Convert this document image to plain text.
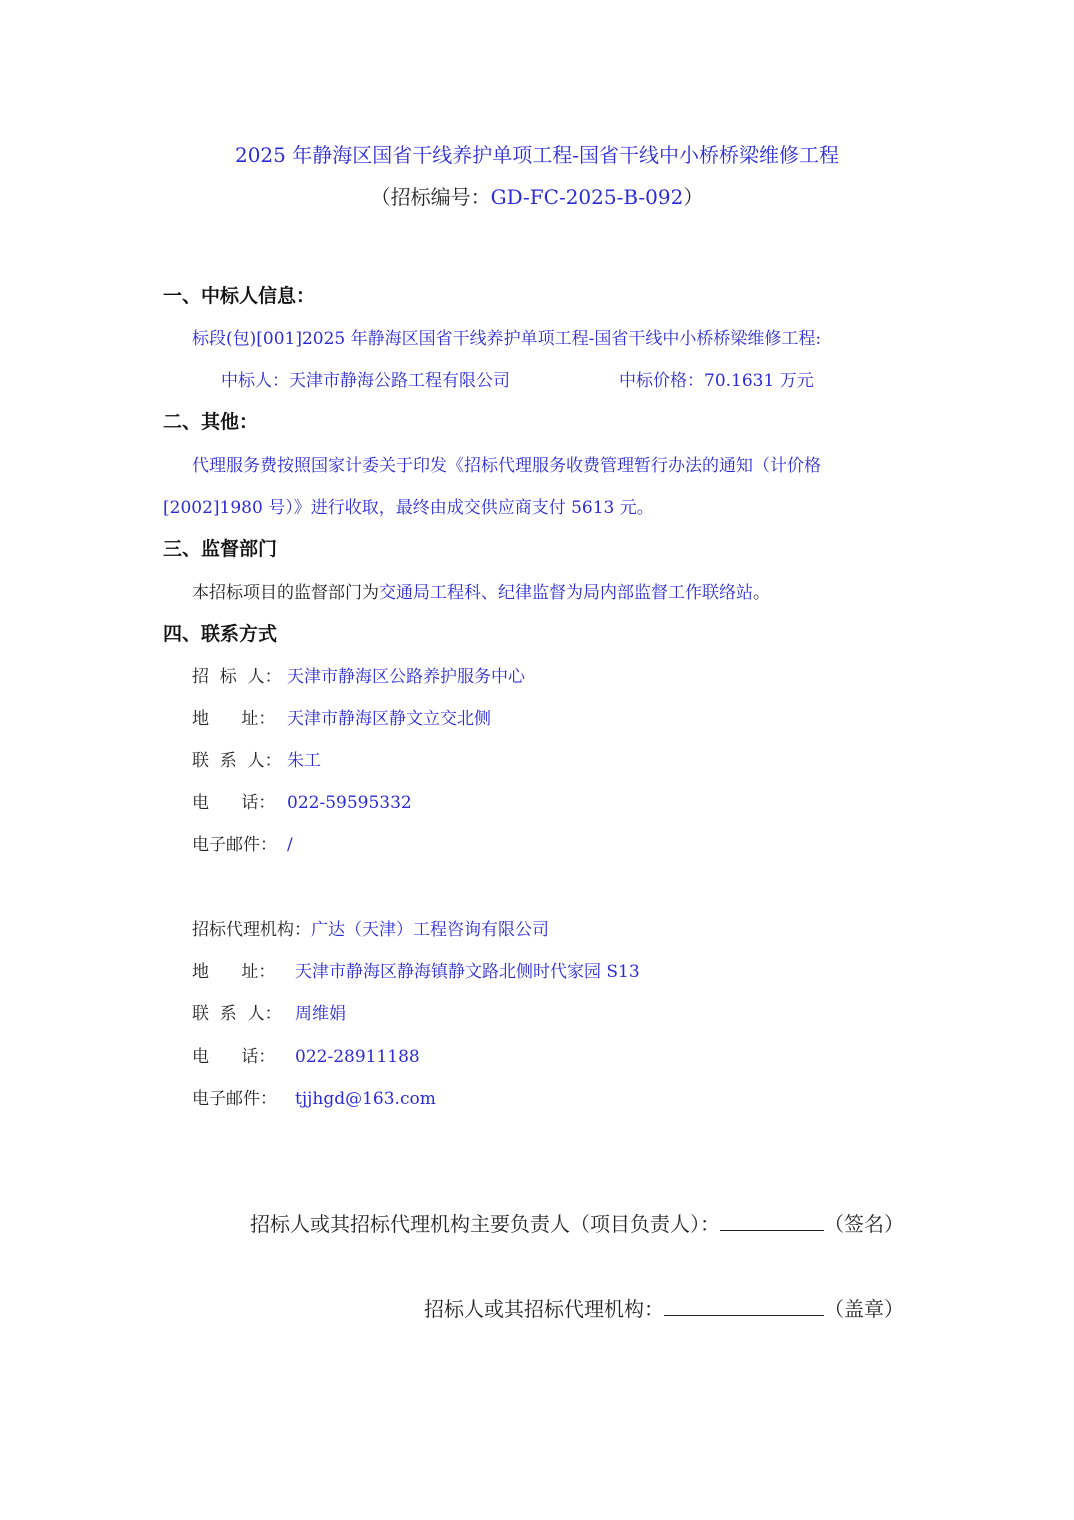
2025 年静海区国省干线养护单项工程-国省干线中小桥桥梁维修工程
（招标编号：GD-FC-2025-B-092）
一、中标人信息：
标段(包)[001]2025 年静海区国省干线养护单项工程-国省干线中小桥桥梁维修工程:
中标人：天津市静海公路工程有限公司	中标价格：70.1631 万元
二、其他：
代理服务费按照国家计委关于印发《招标代理服务收费管理暂行办法的通知（计价格
[2002]1980 号）》进行收取，最终由成交供应商支付 5613 元。
三、监督部门
本招标项目的监督部门为交通局工程科、纪律监督为局内部监督工作联络站。
四、联系方式
招  标  人： 天津市静海区公路养护服务中心
地      址： 天津市静海区静文立交北侧
联  系  人： 朱工
电      话： 022-59595332
电子邮件： /
招标代理机构：广达（天津）工程咨询有限公司
地      址： 天津市静海区静海镇静文路北侧时代家园 S13
联  系  人： 周维娟
电      话： 022-28911188
电子邮件： tjjhgd@163.com
招标人或其招标代理机构主要负责人（项目负责人）：	（签名）
招标人或其招标代理机构：	（盖章）
